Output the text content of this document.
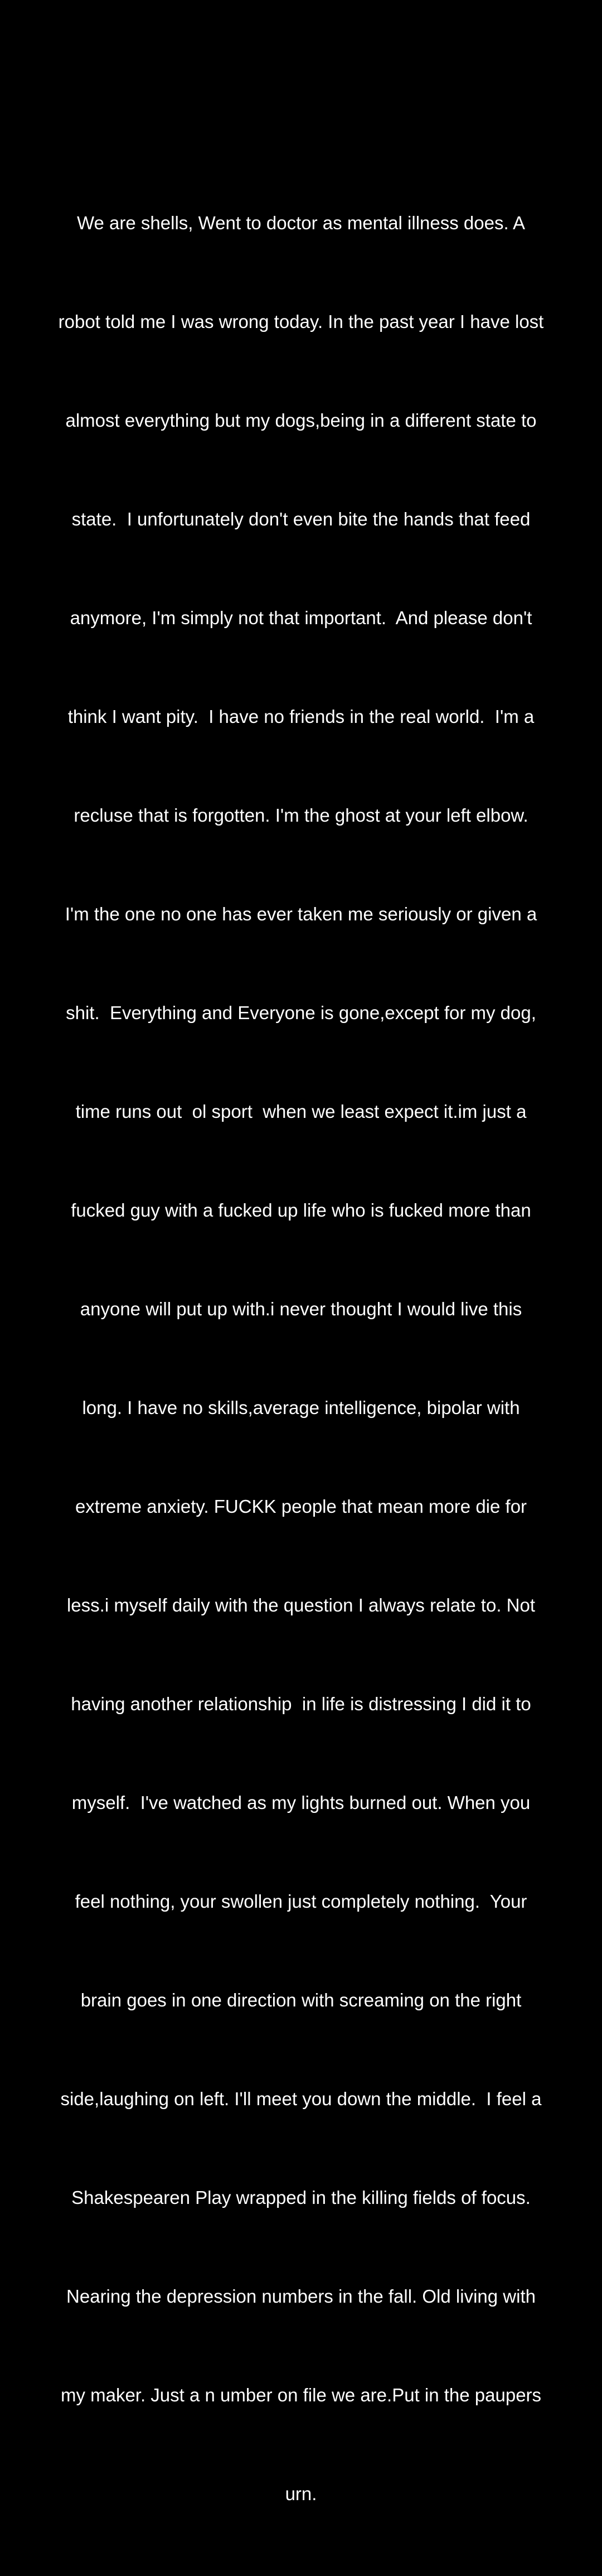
We are shells, Went to doctor as mental illness does. A

robot told me I was wrong today. In the past year I have lost

almost everything but my dogs,being in a different state to

state.  I unfortunately don't even bite the hands that feed

anymore, I'm simply not that important.  And please don't

think I want pity.  I have no friends in the real world.  I'm a

recluse that is forgotten. I'm the ghost at your left elbow.

I'm the one no one has ever taken me seriously or given a

shit.  Everything and Everyone is gone,except for my dog,

time runs out  ol sport  when we least expect it.im just a

fucked guy with a fucked up life who is fucked more than

anyone will put up with.i never thought I would live this

long. I have no skills,average intelligence, bipolar with

extreme anxiety. FUCKK people that mean more die for

less.i myself daily with the question I always relate to. Not

having another relationship  in life is distressing I did it to

myself.  I've watched as my lights burned out. When you

feel nothing, your swollen just completely nothing.  Your

brain goes in one direction with screaming on the right

side,laughing on left. I'll meet you down the middle.  I feel a

Shakespearen Play wrapped in the killing fields of focus.

Nearing the depression numbers in the fall. Old living with

my maker. Just a n umber on file we are.Put in the paupers

urn.
